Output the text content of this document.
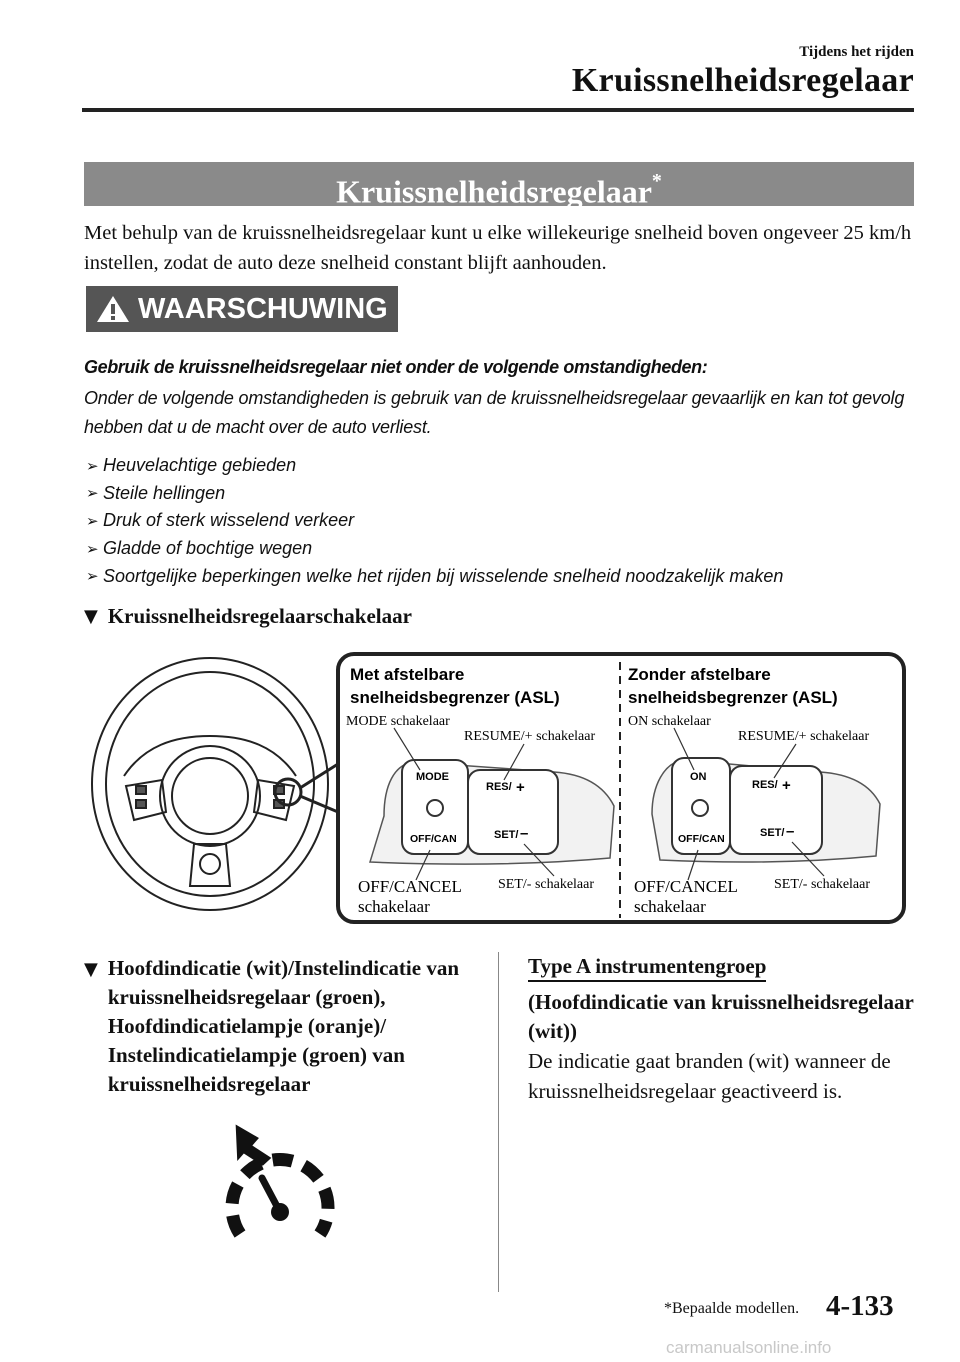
Tijdens het rijden
Kruissnelheidsregelaar
Kruissnelheidsregelaar*
Met behulp van de kruissnelheidsregelaar kunt u elke willekeurige snelheid boven ongeveer 25 km/h instellen, zodat de auto deze snelheid constant blijft aanhouden.
WAARSCHUWING
Gebruik de kruissnelheidsregelaar niet onder de volgende omstandigheden:
Onder de volgende omstandigheden is gebruik van de kruissnelheidsregelaar gevaarlijk en kan tot gevolg hebben dat u de macht over de auto verliest.
➢ Heuvelachtige gebieden
➢ Steile hellingen
➢ Druk of sterk wisselend verkeer
➢ Gladde of bochtige wegen
➢ Soortgelijke beperkingen welke het rijden bij wisselende snelheid noodzakelijk maken
▼ Kruissnelheidsregelaarschakelaar
Met afstelbare
snelheidsbegrenzer (ASL)
Zonder afstelbare
snelheidsbegrenzer (ASL)
MODE
OFF/CAN
RES/ +
SET/ –
MODE schakelaar
RESUME/+ schakelaar
OFF/CANCEL
schakelaar
SET/- schakelaar
ON
OFF/CAN
RES/ +
SET/ –
ON schakelaar
RESUME/+ schakelaar
OFF/CANCEL
schakelaar
SET/- schakelaar
▼ Hoofdindicatie (wit)/Instelindicatie van kruissnelheidsregelaar (groen), Hoofdindicatielampje (oranje)/ Instelindicatielampje (groen) van kruissnelheidsregelaar
Type A instrumentengroep
(Hoofdindicatie van kruissnelheidsregelaar (wit))
De indicatie gaat branden (wit) wanneer de kruissnelheidsregelaar geactiveerd is.
*Bepaalde modellen. 4-133
carmanualsonline.info
